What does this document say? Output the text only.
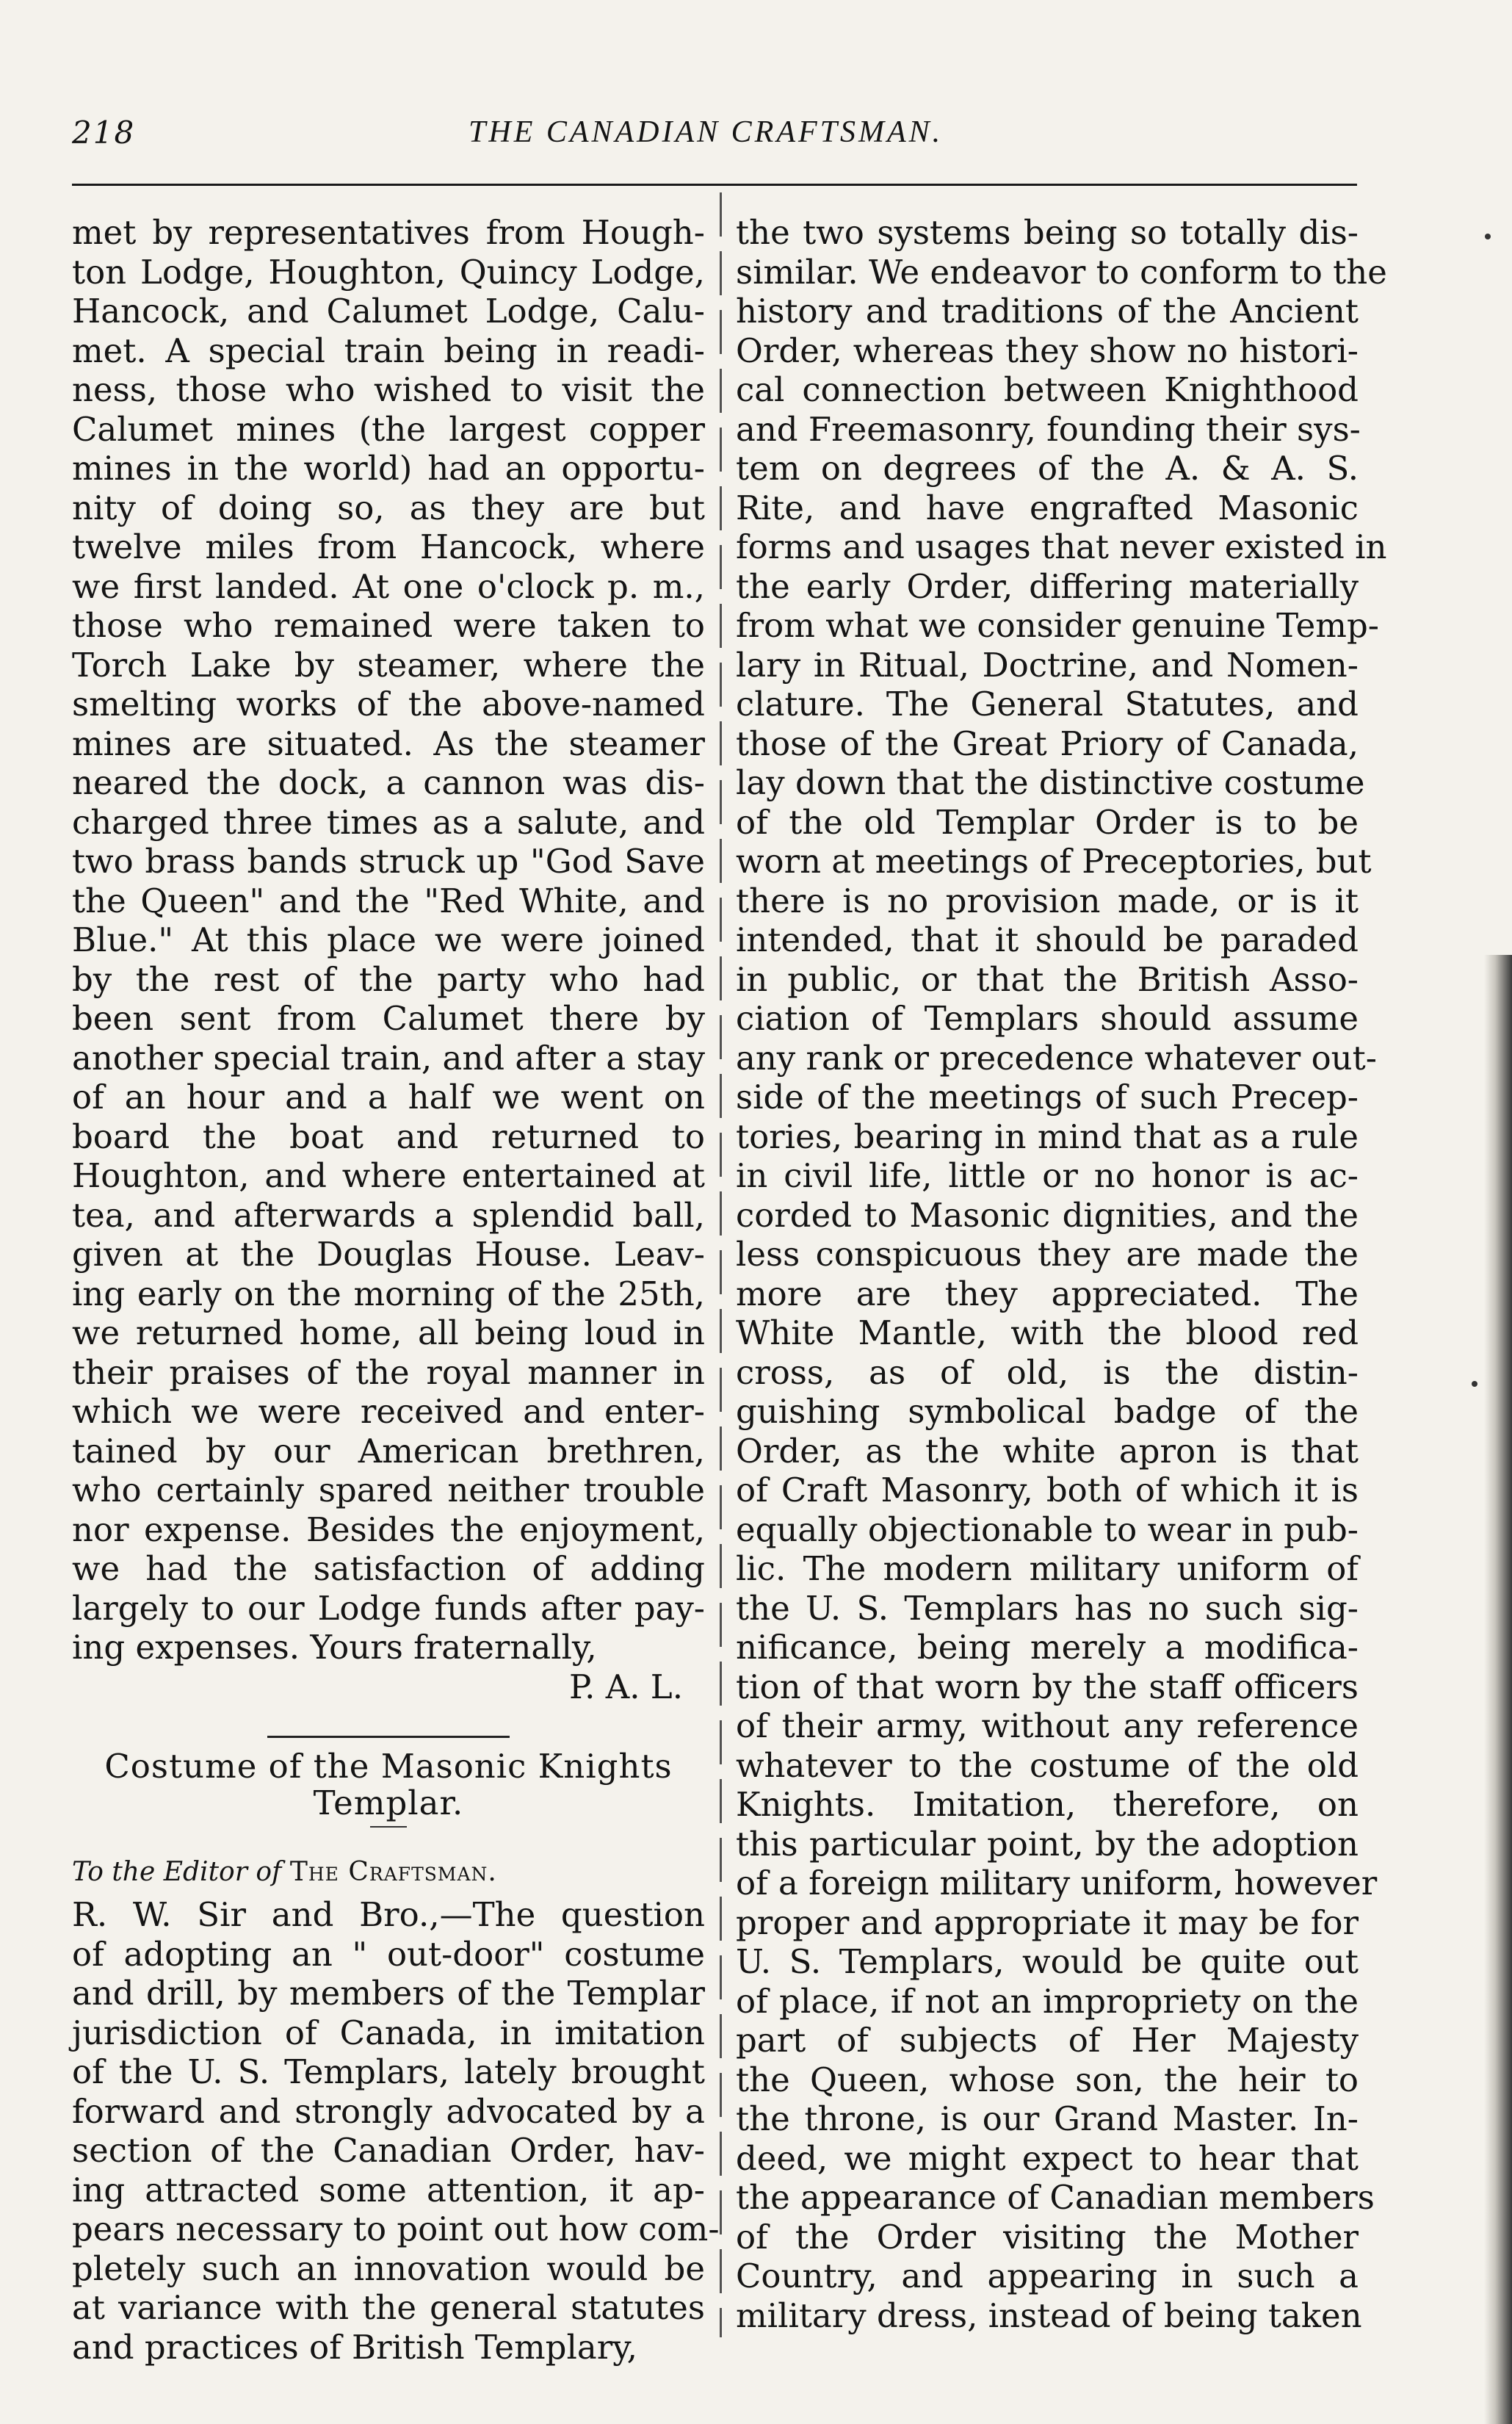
218	THE CANADIAN CRAFTSMAN.
met by representatives from Hough-
ton Lodge, Houghton, Quincy Lodge,
Hancock, and Calumet Lodge, Calu-
met. A special train being in readi-
ness, those who wished to visit the
Calumet mines (the largest copper
mines in the world) had an opportu-
nity of doing so, as they are but
twelve miles from Hancock, where
we first landed. At one o'clock p. m.,
those who remained were taken to
Torch Lake by steamer, where the
smelting works of the above-named
mines are situated. As the steamer
neared the dock, a cannon was dis-
charged three times as a salute, and
two brass bands struck up "God Save
the Queen" and the "Red White, and
Blue." At this place we were joined
by the rest of the party who had
been sent from Calumet there by
another special train, and after a stay
of an hour and a half we went on
board the boat and returned to
Houghton, and where entertained at
tea, and afterwards a splendid ball,
given at the Douglas House. Leav-
ing early on the morning of the 25th,
we returned home, all being loud in
their praises of the royal manner in
which we were received and enter-
tained by our American brethren,
who certainly spared neither trouble
nor expense. Besides the enjoyment,
we had the satisfaction of adding
largely to our Lodge funds after pay-
ing expenses. Yours fraternally,
P. A. L.
Costume of the Masonic Knights
Templar.
To the Editor of The Craftsman.
R. W. Sir and Bro.,—The question
of adopting an " out-door" costume
and drill, by members of the Templar
jurisdiction of Canada, in imitation
of the U. S. Templars, lately brought
forward and strongly advocated by a
section of the Canadian Order, hav-
ing attracted some attention, it ap-
pears necessary to point out how com-
pletely such an innovation would be
at variance with the general statutes
and practices of British Templary,
the two systems being so totally dis-
similar. We endeavor to conform to the
history and traditions of the Ancient
Order, whereas they show no histori-
cal connection between Knighthood
and Freemasonry, founding their sys-
tem on degrees of the A. & A. S.
Rite, and have engrafted Masonic
forms and usages that never existed in
the early Order, differing materially
from what we consider genuine Temp-
lary in Ritual, Doctrine, and Nomen-
clature. The General Statutes, and
those of the Great Priory of Canada,
lay down that the distinctive costume
of the old Templar Order is to be
worn at meetings of Preceptories, but
there is no provision made, or is it
intended, that it should be paraded
in public, or that the British Asso-
ciation of Templars should assume
any rank or precedence whatever out-
side of the meetings of such Precep-
tories, bearing in mind that as a rule
in civil life, little or no honor is ac-
corded to Masonic dignities, and the
less conspicuous they are made the
more are they appreciated. The
White Mantle, with the blood red
cross, as of old, is the distin-
guishing symbolical badge of the
Order, as the white apron is that
of Craft Masonry, both of which it is
equally objectionable to wear in pub-
lic. The modern military uniform of
the U. S. Templars has no such sig-
nificance, being merely a modifica-
tion of that worn by the staff officers
of their army, without any reference
whatever to the costume of the old
Knights. Imitation, therefore, on
this particular point, by the adoption
of a foreign military uniform, however
proper and appropriate it may be for
U. S. Templars, would be quite out
of place, if not an impropriety on the
part of subjects of Her Majesty
the Queen, whose son, the heir to
the throne, is our Grand Master. In-
deed, we might expect to hear that
the appearance of Canadian members
of the Order visiting the Mother
Country, and appearing in such a
military dress, instead of being taken
